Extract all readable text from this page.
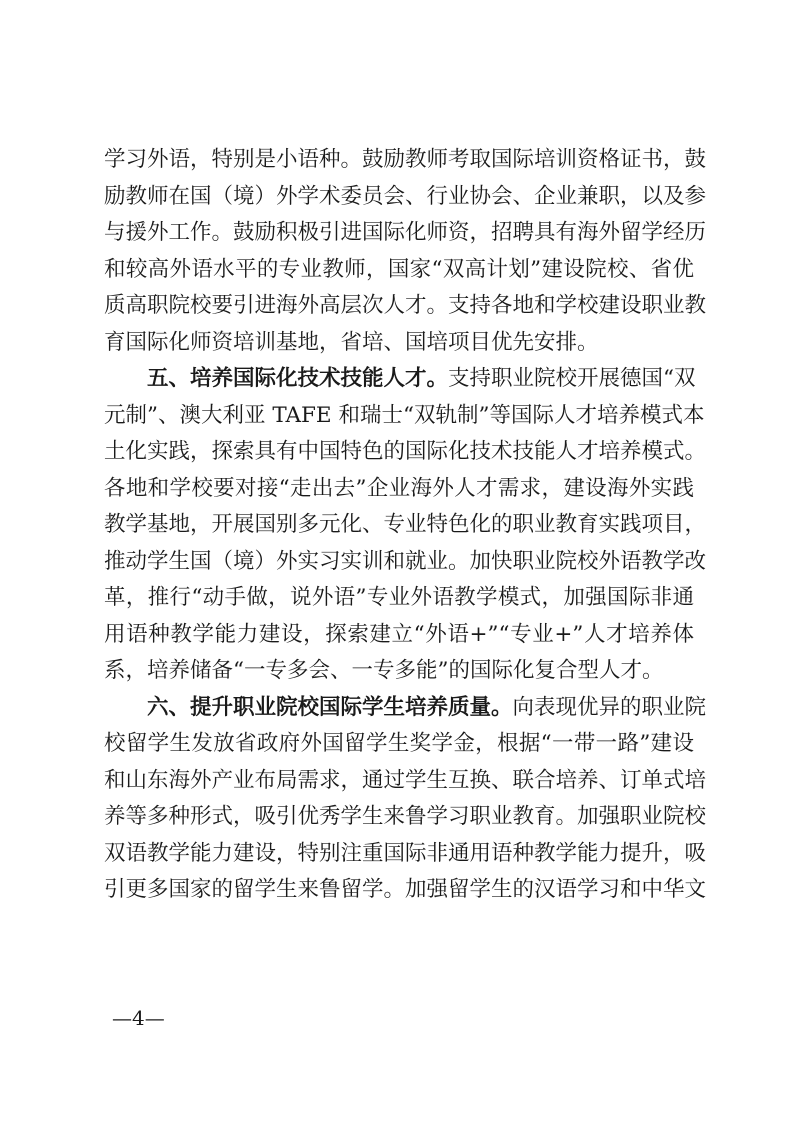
学习外语，特别是小语种。鼓励教师考取国际培训资格证书，鼓
励教师在国（境）外学术委员会、行业协会、企业兼职，以及参
与援外工作。鼓励积极引进国际化师资，招聘具有海外留学经历
和较高外语水平的专业教师，国家“双高计划”建设院校、省优
质高职院校要引进海外高层次人才。支持各地和学校建设职业教
育国际化师资培训基地，省培、国培项目优先安排。
五、培养国际化技术技能人才。支持职业院校开展德国“双
元制”、澳大利亚 TAFE 和瑞士“双轨制”等国际人才培养模式本
土化实践，探索具有中国特色的国际化技术技能人才培养模式。
各地和学校要对接“走出去”企业海外人才需求，建设海外实践
教学基地，开展国别多元化、专业特色化的职业教育实践项目，
推动学生国（境）外实习实训和就业。加快职业院校外语教学改
革，推行“动手做，说外语”专业外语教学模式，加强国际非通
用语种教学能力建设，探索建立“外语+”“专业+”人才培养体
系，培养储备“一专多会、一专多能”的国际化复合型人才。
六、提升职业院校国际学生培养质量。向表现优异的职业院
校留学生发放省政府外国留学生奖学金，根据“一带一路”建设
和山东海外产业布局需求，通过学生互换、联合培养、订单式培
养等多种形式，吸引优秀学生来鲁学习职业教育。加强职业院校
双语教学能力建设，特别注重国际非通用语种教学能力提升，吸
引更多国家的留学生来鲁留学。加强留学生的汉语学习和中华文
—4—
